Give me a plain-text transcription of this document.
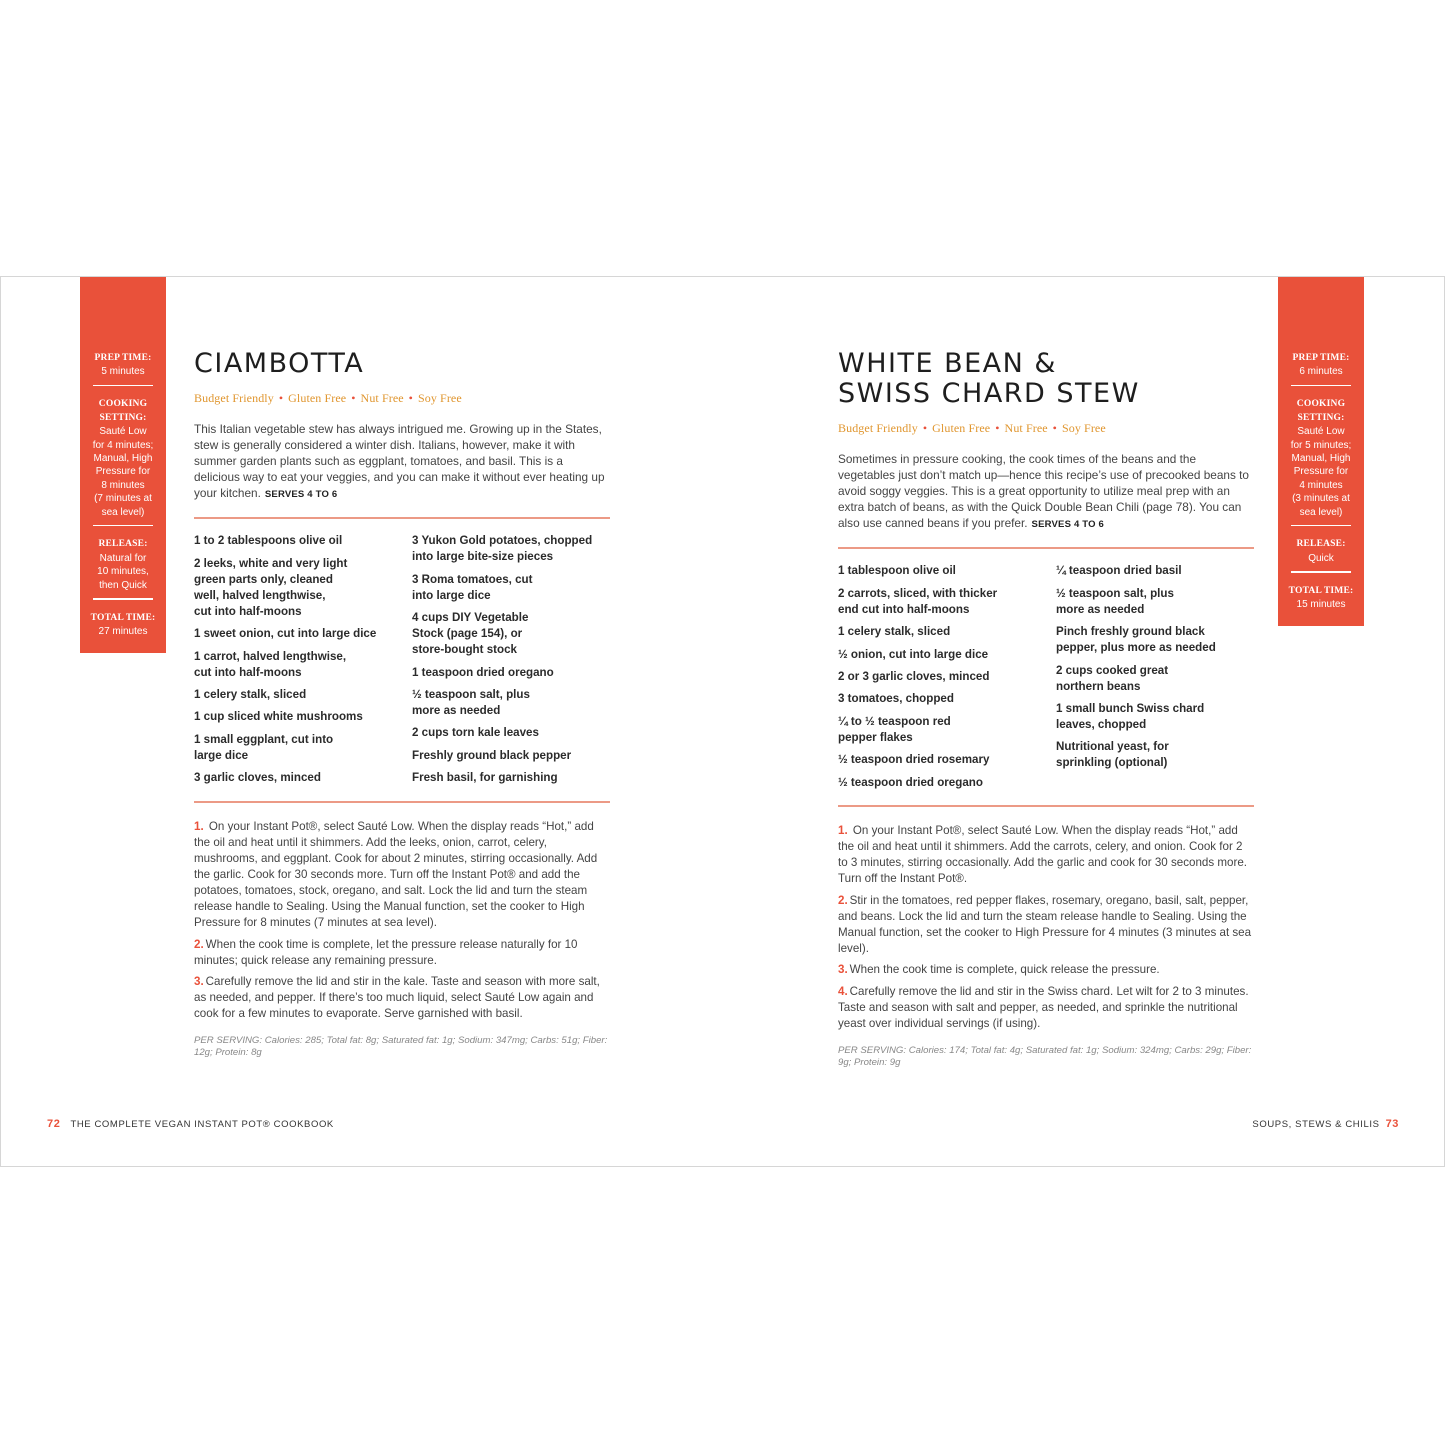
PREP TIME:
5 minutes
COOKING SETTING:
Sauté Low
for 4 minutes;
Manual, High
Pressure for
8 minutes
(7 minutes at
sea level)
RELEASE:
Natural for
10 minutes,
then Quick
TOTAL TIME:
27 minutes
CIAMBOTTA
Budget Friendly • Gluten Free • Nut Free • Soy Free
This Italian vegetable stew has always intrigued me. Growing up in the States, stew is generally considered a winter dish. Italians, however, make it with summer garden plants such as eggplant, tomatoes, and basil. This is a delicious way to eat your veggies, and you can make it without ever heating up your kitchen. SERVES 4 TO 6
1 to 2 tablespoons olive oil
2 leeks, white and very light
green parts only, cleaned
well, halved lengthwise,
cut into half-moons
1 sweet onion, cut into large dice
1 carrot, halved lengthwise,
cut into half-moons
1 celery stalk, sliced
1 cup sliced white mushrooms
1 small eggplant, cut into
large dice
3 garlic cloves, minced
3 Yukon Gold potatoes, chopped
into large bite-size pieces
3 Roma tomatoes, cut
into large dice
4 cups DIY Vegetable
Stock (page 154), or
store-bought stock
1 teaspoon dried oregano
½ teaspoon salt, plus
more as needed
2 cups torn kale leaves
Freshly ground black pepper
Fresh basil, for garnishing
1. On your Instant Pot®, select Sauté Low. When the display reads “Hot,” add the oil and heat until it shimmers. Add the leeks, onion, carrot, celery, mushrooms, and eggplant. Cook for about 2 minutes, stirring occasionally. Add the garlic. Cook for 30 seconds more. Turn off the Instant Pot® and add the potatoes, tomatoes, stock, oregano, and salt. Lock the lid and turn the steam release handle to Sealing. Using the Manual function, set the cooker to High Pressure for 8 minutes (7 minutes at sea level).
2. When the cook time is complete, let the pressure release naturally for 10 minutes; quick release any remaining pressure.
3. Carefully remove the lid and stir in the kale. Taste and season with more salt, as needed, and pepper. If there’s too much liquid, select Sauté Low again and cook for a few minutes to evaporate. Serve garnished with basil.
PER SERVING: Calories: 285; Total fat: 8g; Saturated fat: 1g; Sodium: 347mg; Carbs: 51g; Fiber: 12g; Protein: 8g
72 THE COMPLETE VEGAN INSTANT POT® COOKBOOK
PREP TIME:
6 minutes
COOKING SETTING:
Sauté Low
for 5 minutes;
Manual, High
Pressure for
4 minutes
(3 minutes at
sea level)
RELEASE:
Quick
TOTAL TIME:
15 minutes
WHITE BEAN &
SWISS CHARD STEW
Budget Friendly • Gluten Free • Nut Free • Soy Free
Sometimes in pressure cooking, the cook times of the beans and the vegetables just don’t match up—hence this recipe’s use of precooked beans to avoid soggy veggies. This is a great opportunity to utilize meal prep with an extra batch of beans, as with the Quick Double Bean Chili (page 78). You can also use canned beans if you prefer. SERVES 4 TO 6
1 tablespoon olive oil
2 carrots, sliced, with thicker
end cut into half-moons
1 celery stalk, sliced
½ onion, cut into large dice
2 or 3 garlic cloves, minced
3 tomatoes, chopped
¼ to ½ teaspoon red
pepper flakes
½ teaspoon dried rosemary
½ teaspoon dried oregano
¼ teaspoon dried basil
½ teaspoon salt, plus
more as needed
Pinch freshly ground black
pepper, plus more as needed
2 cups cooked great
northern beans
1 small bunch Swiss chard
leaves, chopped
Nutritional yeast, for
sprinkling (optional)
1. On your Instant Pot®, select Sauté Low. When the display reads “Hot,” add the oil and heat until it shimmers. Add the carrots, celery, and onion. Cook for 2 to 3 minutes, stirring occasionally. Add the garlic and cook for 30 seconds more. Turn off the Instant Pot®.
2. Stir in the tomatoes, red pepper flakes, rosemary, oregano, basil, salt, pepper, and beans. Lock the lid and turn the steam release handle to Sealing. Using the Manual function, set the cooker to High Pressure for 4 minutes (3 minutes at sea level).
3. When the cook time is complete, quick release the pressure.
4. Carefully remove the lid and stir in the Swiss chard. Let wilt for 2 to 3 minutes. Taste and season with salt and pepper, as needed, and sprinkle the nutritional yeast over individual servings (if using).
PER SERVING: Calories: 174; Total fat: 4g; Saturated fat: 1g; Sodium: 324mg; Carbs: 29g; Fiber: 9g; Protein: 9g
SOUPS, STEWS & CHILIS 73
